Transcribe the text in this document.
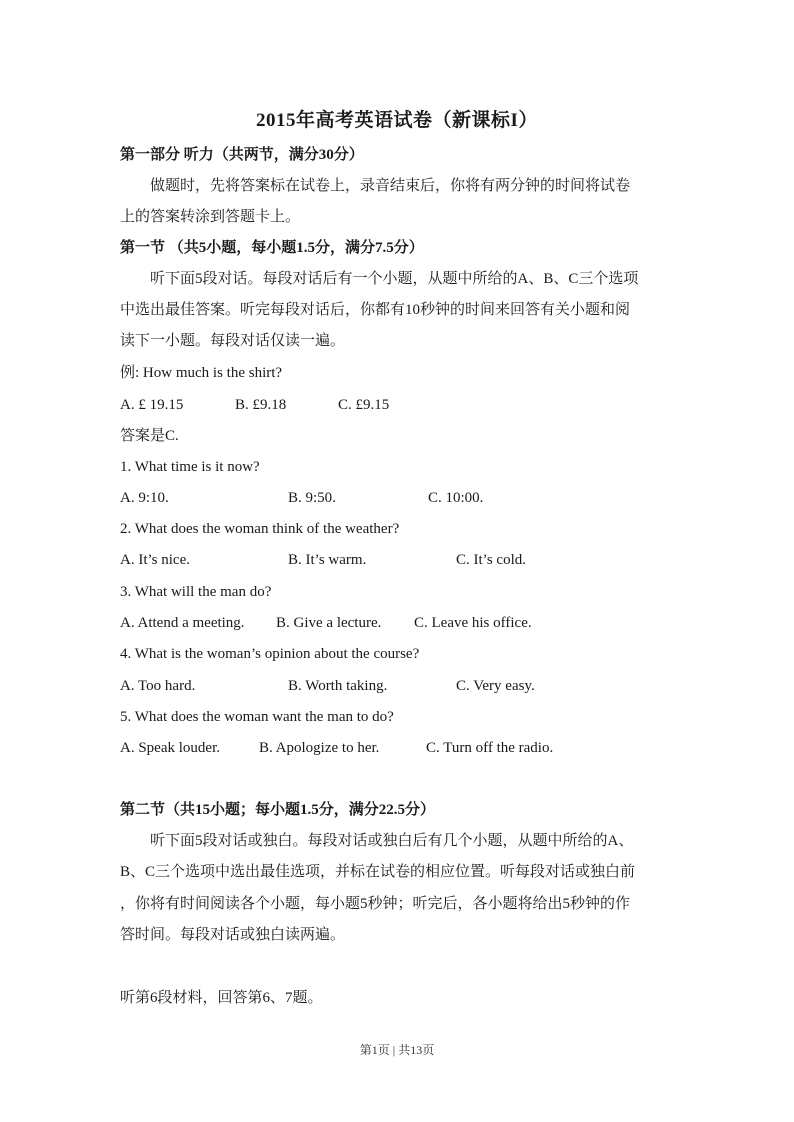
2015年高考英语试卷（新课标I）
第一部分 听力（共两节，满分30分）
做题时，先将答案标在试卷上，录音结束后，你将有两分钟的时间将试卷
上的答案转涂到答题卡上。
第一节 （共5小题，每小题1.5分，满分7.5分）
听下面5段对话。每段对话后有一个小题，从题中所给的A、B、C三个选项
中选出最佳答案。听完每段对话后，你都有10秒钟的时间来回答有关小题和阅
读下一小题。每段对话仅读一遍。
例: How much is the shirt?
A. £ 19.15	B. £9.18	C. £9.15
答案是C.
1. What time is it now?
A. 9:10.	B. 9:50.	C. 10:00.
2. What does the woman think of the weather?
A. It’s nice.	B. It’s warm.	C. It’s cold.
3. What will the man do?
A. Attend a meeting. B. Give a lecture. C. Leave his office.
4. What is the woman’s opinion about the course?
A. Too hard.	B. Worth taking.	C. Very easy.
5. What does the woman want the man to do?
A. Speak louder.	B. Apologize to her.	C. Turn off the radio.
第二节（共15小题；每小题1.5分，满分22.5分）
听下面5段对话或独白。每段对话或独白后有几个小题，从题中所给的A、
B、C三个选项中选出最佳选项，并标在试卷的相应位置。听每段对话或独白前
，你将有时间阅读各个小题，每小题5秒钟；听完后，各小题将给出5秒钟的作
答时间。每段对话或独白读两遍。
听第6段材料，回答第6、7题。
第1页 | 共13页
